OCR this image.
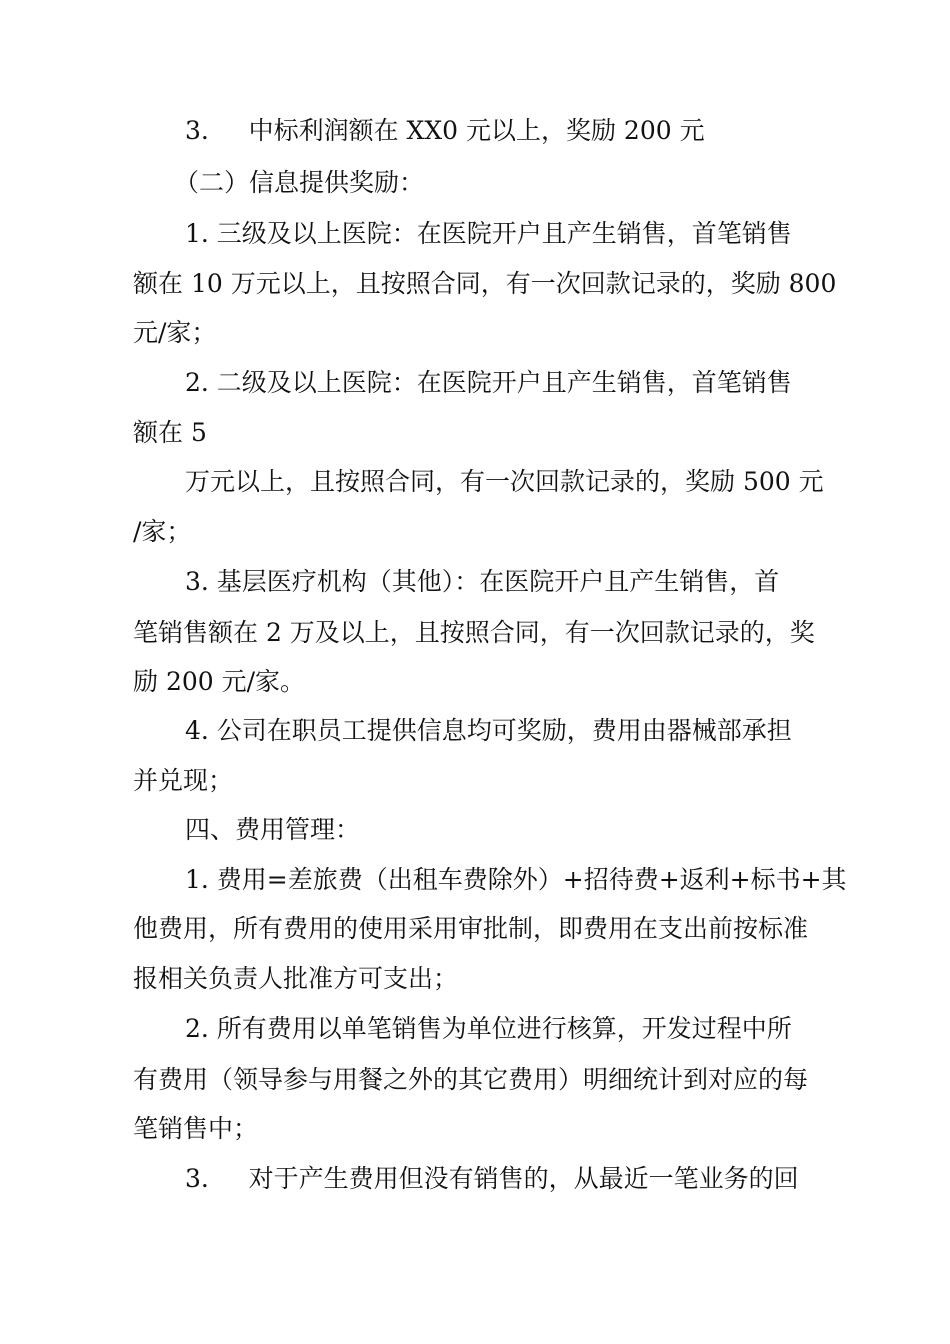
3.     中标利润额在 XX0 元以上，奖励 200 元
（二）信息提供奖励：
1. 三级及以上医院：在医院开户且产生销售，首笔销售
额在 10 万元以上，且按照合同，有一次回款记录的，奖励 800
元/家；
2. 二级及以上医院：在医院开户且产生销售，首笔销售
额在 5
万元以上，且按照合同，有一次回款记录的，奖励 500 元
/家；
3. 基层医疗机构（其他）：在医院开户且产生销售，首
笔销售额在 2 万及以上，且按照合同，有一次回款记录的，奖
励 200 元/家。
4. 公司在职员工提供信息均可奖励，费用由器械部承担
并兑现；
四、费用管理：
1. 费用=差旅费（出租车费除外）+招待费+返利+标书+其
他费用，所有费用的使用采用审批制，即费用在支出前按标准
报相关负责人批准方可支出；
2. 所有费用以单笔销售为单位进行核算，开发过程中所
有费用（领导参与用餐之外的其它费用）明细统计到对应的每
笔销售中；
3.     对于产生费用但没有销售的，从最近一笔业务的回
